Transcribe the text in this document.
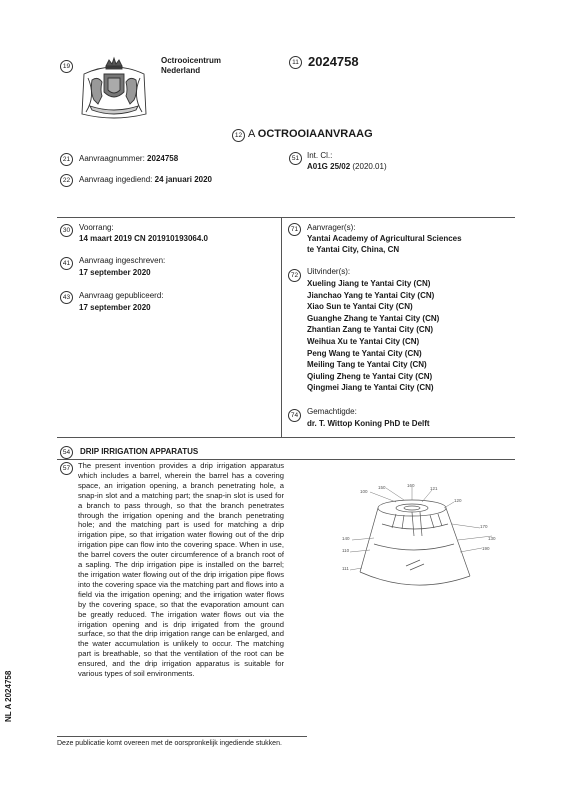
19
Octrooicentrum
Nederland
11 2024758
12 A OCTROOIAANVRAAG
21	Aanvraagnummer: 2024758
22	Aanvraag ingediend: 24 januari 2020
51 Int. Cl.:
A01G 25/02 (2020.01)
30	Voorrang:
14 maart 2019 CN 201910193064.0
41	Aanvraag ingeschreven:
17 september 2020
43	Aanvraag gepubliceerd:
17 september 2020
71	Aanvrager(s):
Yantai Academy of Agricultural Sciences
te Yantai City, China, CN
72	Uitvinder(s):
Xueling Jiang te Yantai City (CN)
Jianchao Yang te Yantai City (CN)
Xiao Sun te Yantai City (CN)
Guanghe Zhang te Yantai City (CN)
Zhantian Zang te Yantai City (CN)
Weihua Xu te Yantai City (CN)
Peng Wang te Yantai City (CN)
Meiling Tang te Yantai City (CN)
Qiuling Zheng te Yantai City (CN)
Qingmei Jiang te Yantai City (CN)
74	Gemachtigde:
dr. T. Wittop Koning PhD te Delft
54	DRIP IRRIGATION APPARATUS
57	The present invention provides a drip irrigation apparatus which includes a barrel, wherein the barrel has a covering space, an irrigation opening, a branch penetrating hole, a snap-in slot and a matching part; the snap-in slot is used for a branch to pass through, so that the branch penetrates through the irrigation opening and the branch penetrating hole; and the matching part is used for matching a drip irrigation pipe, so that irrigation water flowing out of the drip irrigation pipe can flow into the covering space. When in use, the barrel covers the outer circumference of a branch root of a sapling. The drip irrigation pipe is installed on the barrel; the irrigation water flowing out of the drip irrigation pipe flows into the covering space via the matching part and flows into a field via the irrigation opening; and the irrigation water flows by the covering space, so that the evaporation amount can be greatly reduced. The irrigation water flows out via the irrigation opening and is drip irrigated from the ground surface, so that the drip irrigation range can be enlarged, and the water accumulation is unlikely to occur. The matching part is breathable, so that the ventilation of the root can be ensured, and the drip irrigation apparatus is suitable for various types of soil environments.
100
150	160
121
120
170
130
140
110	190
111
Deze publicatie komt overeen met de oorspronkelijk ingediende stukken.
NL A 2024758
